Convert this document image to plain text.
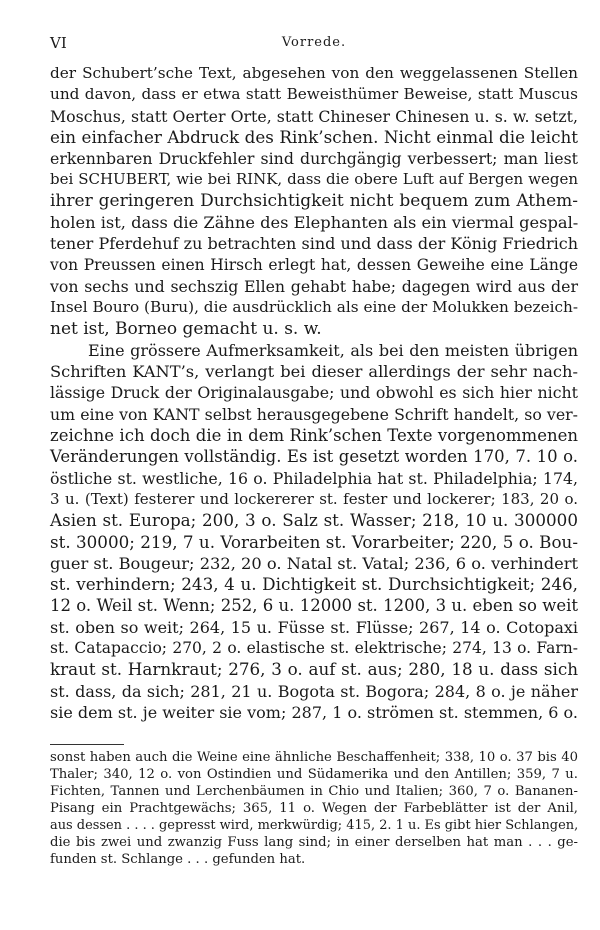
VI	Vorrede.
der Schubert’sche Text, abgesehen von den weggelassenen Stellen
und davon, dass er etwa statt Beweisthümer Beweise, statt Muscus
Moschus, statt Oerter Orte, statt Chineser Chinesen u. s. w. setzt,
ein einfacher Abdruck des Rink’schen. Nicht einmal die leicht
erkennbaren Druckfehler sind durchgängig verbessert; man liest
bei SCHUBERT, wie bei RINK, dass die obere Luft auf Bergen wegen
ihrer geringeren Durchsichtigkeit nicht bequem zum Athem-
holen ist, dass die Zähne des Elephanten als ein viermal gespal-
tener Pferdehuf zu betrachten sind und dass der König Friedrich
von Preussen einen Hirsch erlegt hat, dessen Geweihe eine Länge
von sechs und sechszig Ellen gehabt habe; dagegen wird aus der
Insel Bouro (Buru), die ausdrücklich als eine der Molukken bezeich-
net ist, Borneo gemacht u. s. w.
Eine grössere Aufmerksamkeit, als bei den meisten übrigen
Schriften KANT’s, verlangt bei dieser allerdings der sehr nach-
lässige Druck der Originalausgabe; und obwohl es sich hier nicht
um eine von KANT selbst herausgegebene Schrift handelt, so ver-
zeichne ich doch die in dem Rink’schen Texte vorgenommenen
Veränderungen vollständig. Es ist gesetzt worden 170, 7. 10 o.
östliche st. westliche, 16 o. Philadelphia hat st. Philadelphia; 174,
3 u. (Text) festerer und lockererer st. fester und lockerer; 183, 20 o.
Asien st. Europa; 200, 3 o. Salz st. Wasser; 218, 10 u. 300000
st. 30000; 219, 7 u. Vorarbeiten st. Vorarbeiter; 220, 5 o. Bou-
guer st. Bougeur; 232, 20 o. Natal st. Vatal; 236, 6 o. verhindert
st. verhindern; 243, 4 u. Dichtigkeit st. Durchsichtigkeit; 246,
12 o. Weil st. Wenn; 252, 6 u. 12000 st. 1200, 3 u. eben so weit
st. oben so weit; 264, 15 u. Füsse st. Flüsse; 267, 14 o. Cotopaxi
st. Catapaccio; 270, 2 o. elastische st. elektrische; 274, 13 o. Farn-
kraut st. Harnkraut; 276, 3 o. auf st. aus; 280, 18 u. dass sich
st. dass, da sich; 281, 21 u. Bogota st. Bogora; 284, 8 o. je näher
sie dem st. je weiter sie vom; 287, 1 o. strömen st. stemmen, 6 o.
sonst haben auch die Weine eine ähnliche Beschaffenheit; 338, 10 o. 37 bis 40
Thaler; 340, 12 o. von Ostindien und Südamerika und den Antillen; 359, 7 u.
Fichten, Tannen und Lerchenbäumen in Chio und Italien; 360, 7 o. Bananen-
Pisang ein Prachtgewächs; 365, 11 o. Wegen der Farbeblätter ist der Anil,
aus dessen . . . . gepresst wird, merkwürdig; 415, 2. 1 u. Es gibt hier Schlangen,
die bis zwei und zwanzig Fuss lang sind; in einer derselben hat man . . . ge-
funden st. Schlange . . . gefunden hat.
